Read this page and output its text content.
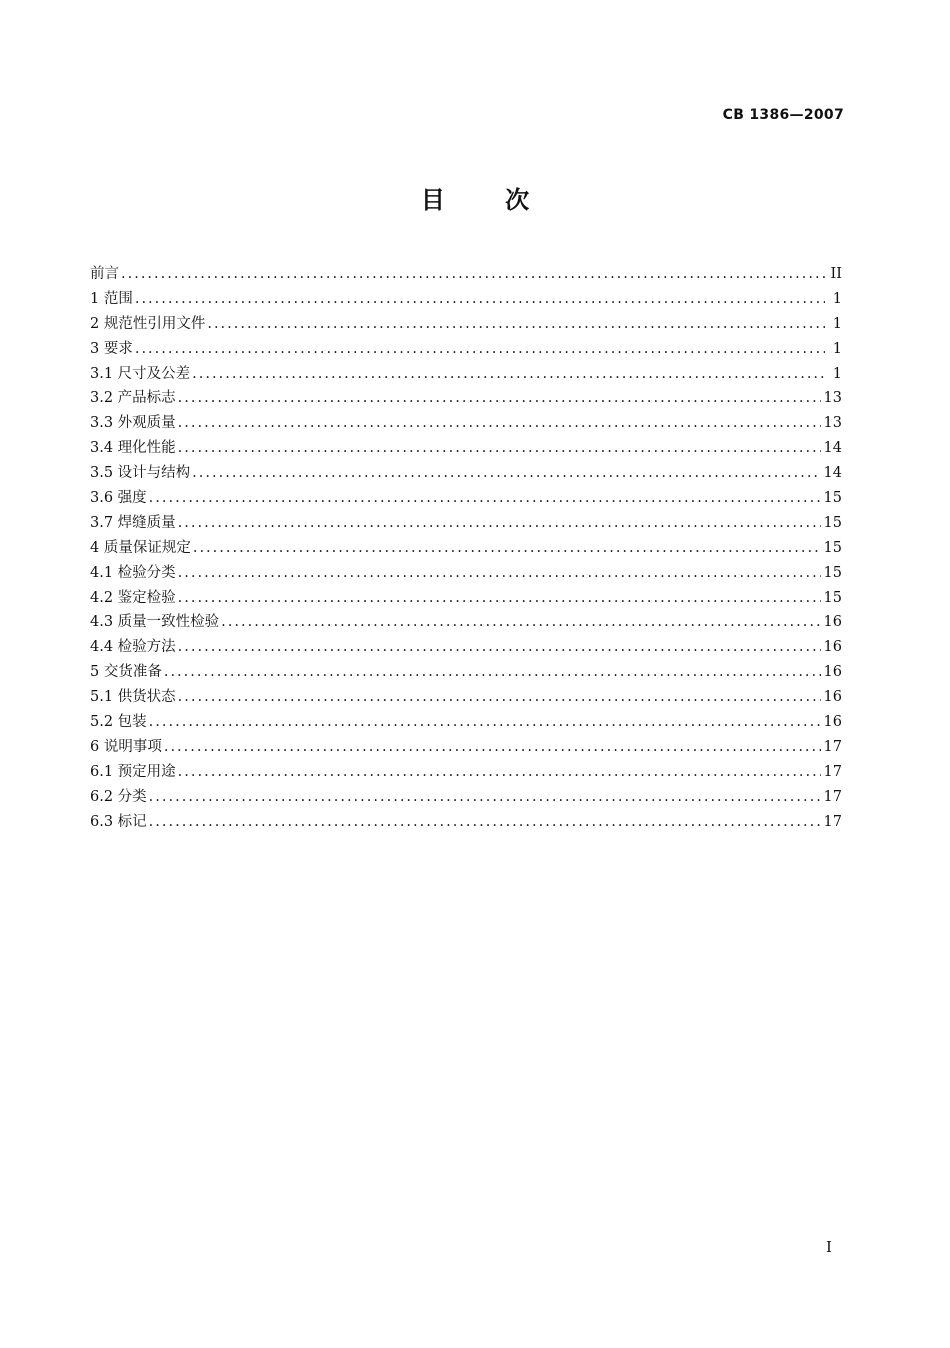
CB 1386—2007
目 次
前言 .....	II
1 范围 .....	1
2 规范性引用文件 .....	1
3 要求 .....	1
3.1 尺寸及公差 .....	1
3.2 产品标志 .....	13
3.3 外观质量 .....	13
3.4 理化性能 .....	14
3.5 设计与结构 .....	14
3.6 强度 .....	15
3.7 焊缝质量 .....	15
4 质量保证规定 .....	15
4.1 检验分类 .....	15
4.2 鉴定检验 .....	15
4.3 质量一致性检验 .....	16
4.4 检验方法 .....	16
5 交货准备 .....	16
5.1 供货状态 .....	16
5.2 包装 .....	16
6 说明事项 .....	17
6.1 预定用途 .....	17
6.2 分类 .....	17
6.3 标记 .....	17
I
